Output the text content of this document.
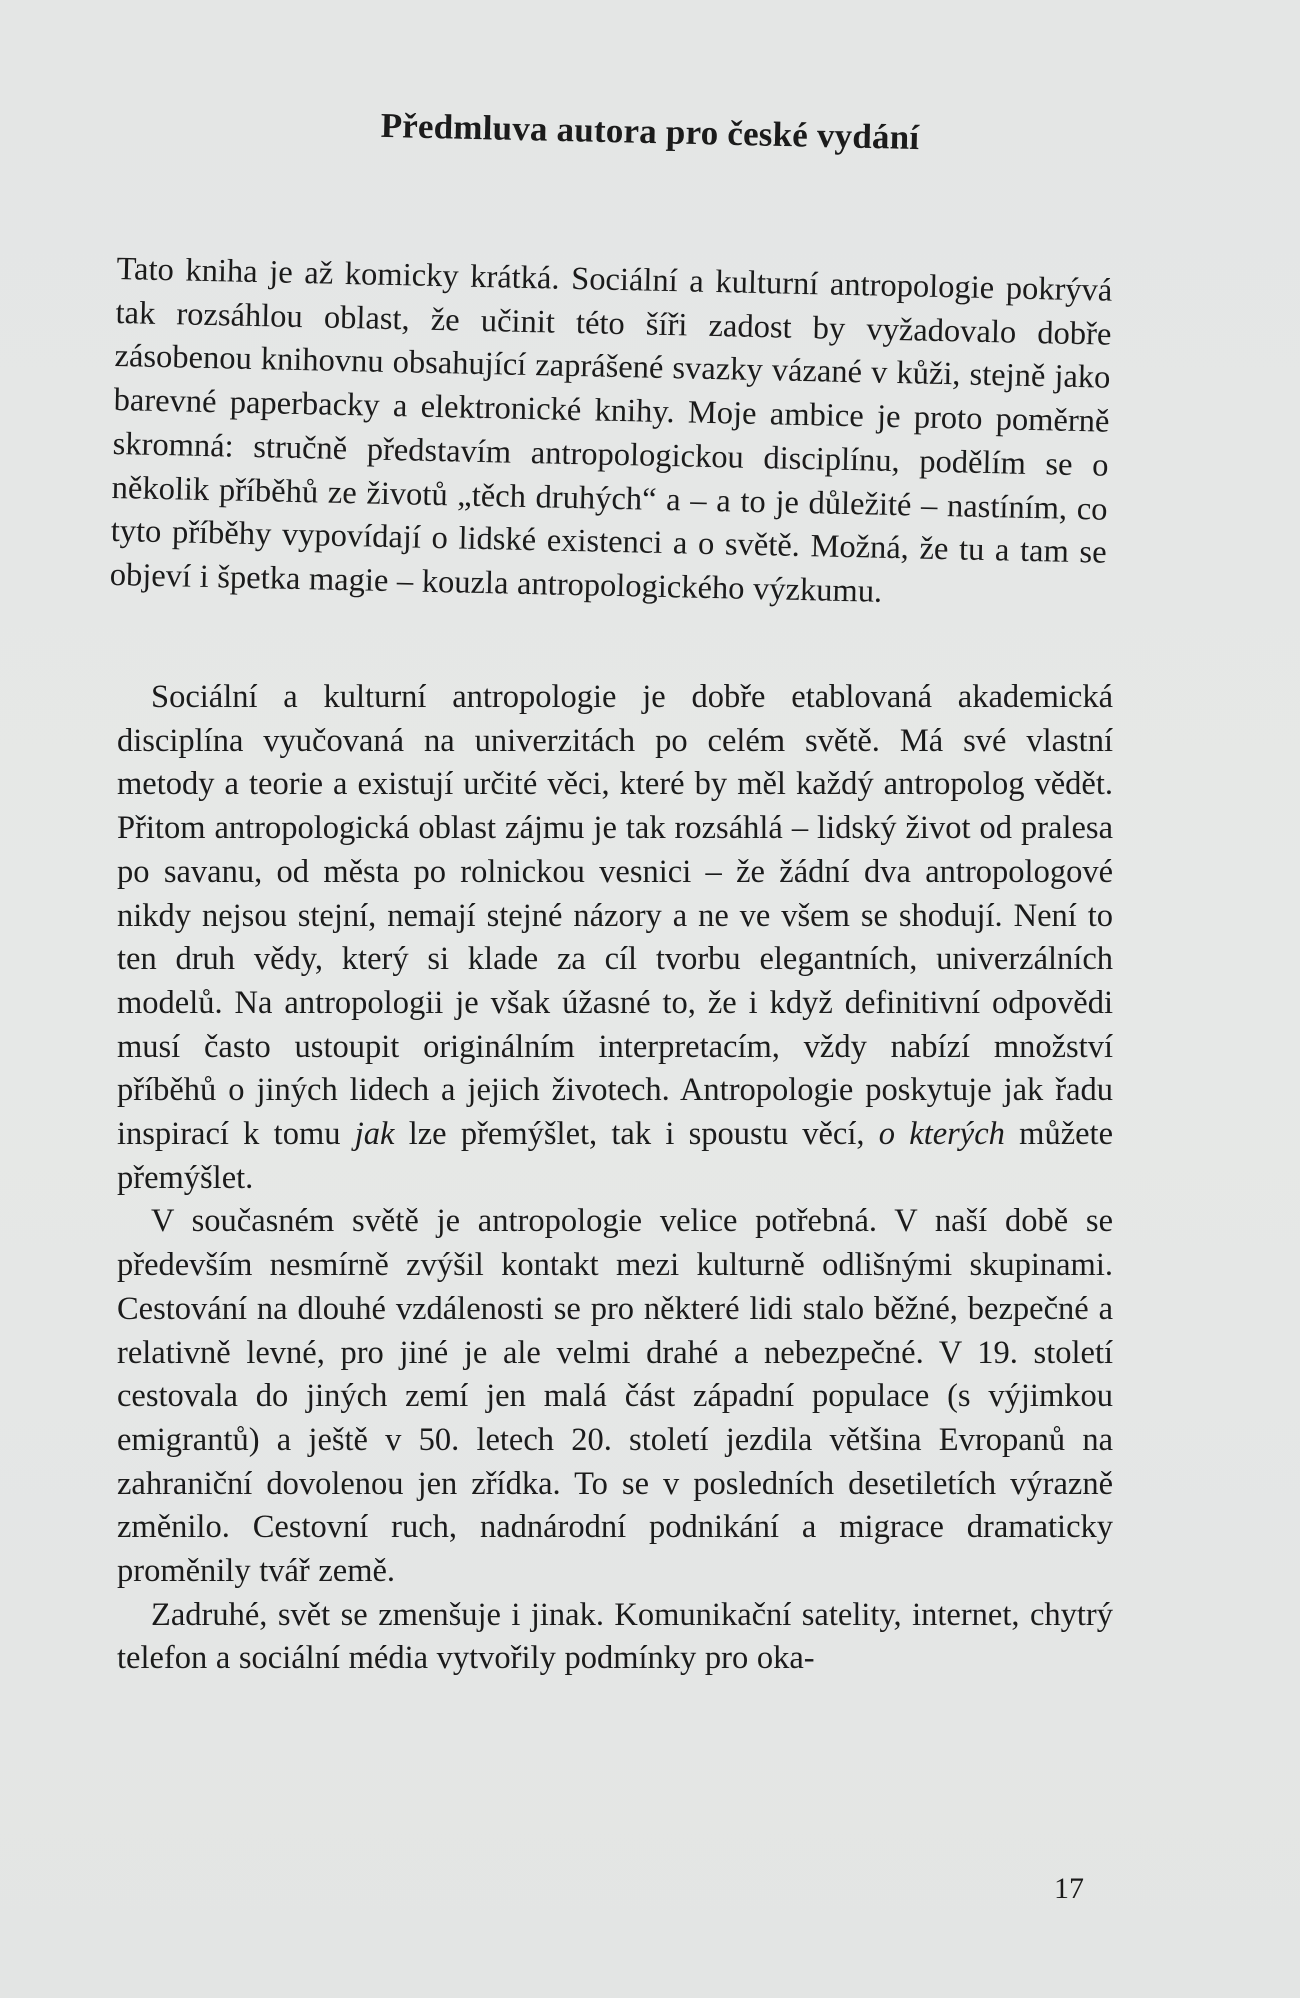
Předmluva autora pro české vydání

Tato kniha je až komicky krátká. Sociální a kulturní antropologie pokrývá tak rozsáhlou oblast, že učinit této šíři zadost by vyžadovalo dobře zásobenou knihovnu obsahující zaprášené svazky vázané v kůži, stejně jako barevné paperbacky a elektronické knihy. Moje ambice je proto poměrně skromná: stručně představím antropologickou disciplínu, podělím se o několik příběhů ze životů „těch druhých“ a – a to je důležité – nastíním, co tyto příběhy vypovídají o lidské existenci a o světě. Možná, že tu a tam se objeví i špetka magie – kouzla antropologického výzkumu.

Sociální a kulturní antropologie je dobře etablovaná akademická disciplína vyučovaná na univerzitách po celém světě. Má své vlastní metody a teorie a existují určité věci, které by měl každý antropolog vědět. Přitom antropologická oblast zájmu je tak rozsáhlá – lidský život od pralesa po savanu, od města po rolnickou vesnici – že žádní dva antropologové nikdy nejsou stejní, nemají stejné názory a ne ve všem se shodují. Není to ten druh vědy, který si klade za cíl tvorbu elegantních, univerzálních modelů. Na antropologii je však úžasné to, že i když definitivní odpovědi musí často ustoupit originálním interpretacím, vždy nabízí množství příběhů o jiných lidech a jejich životech. Antropologie poskytuje jak řadu inspirací k tomu jak lze přemýšlet, tak i spoustu věcí, o kterých můžete přemýšlet.

V současném světě je antropologie velice potřebná. V naší době se především nesmírně zvýšil kontakt mezi kulturně odlišnými skupinami. Cestování na dlouhé vzdálenosti se pro některé lidi stalo běžné, bezpečné a relativně levné, pro jiné je ale velmi drahé a nebezpečné. V 19. století cestovala do jiných zemí jen malá část západní populace (s výjimkou emigrantů) a ještě v 50. letech 20. století jezdila většina Evropanů na zahraniční dovolenou jen zřídka. To se v posledních desetiletích výrazně změnilo. Cestovní ruch, nadnárodní podnikání a migrace dramaticky proměnily tvář země.

Zadruhé, svět se zmenšuje i jinak. Komunikační satelity, internet, chytrý telefon a sociální média vytvořily podmínky pro oka-

17
